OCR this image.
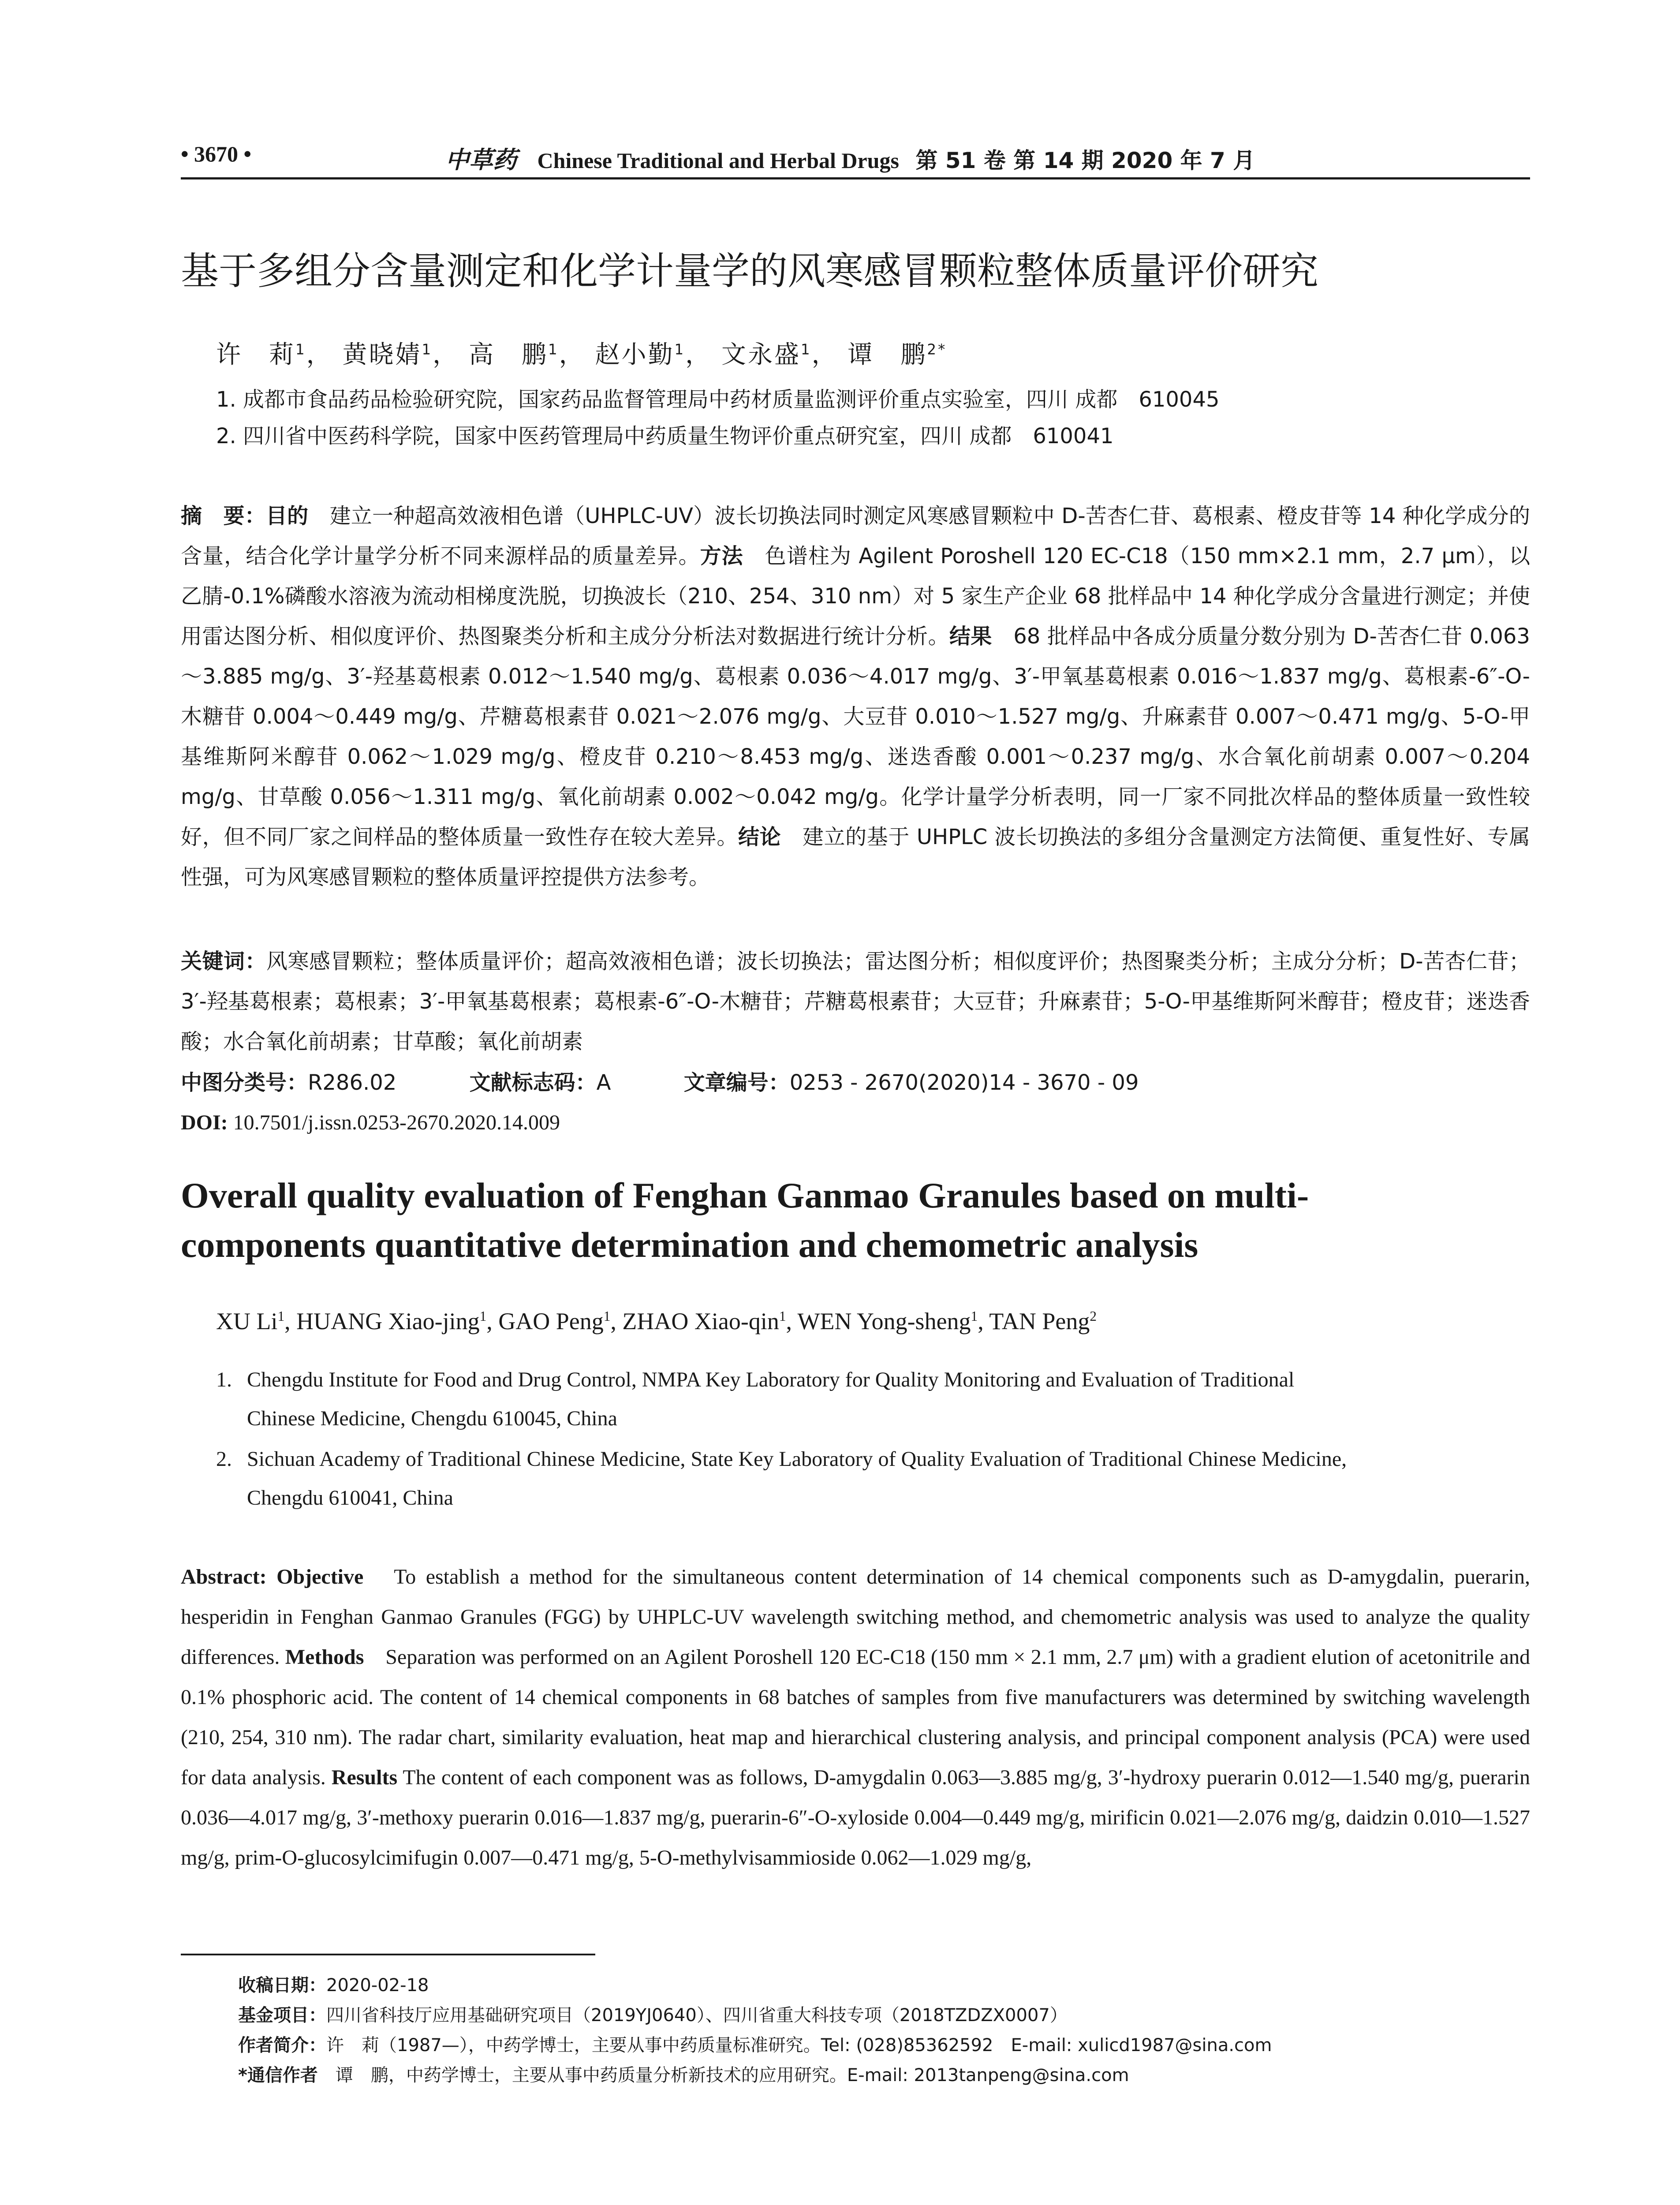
• 3670 •	中草药 Chinese Traditional and Herbal Drugs 第 51 卷 第 14 期 2020 年 7 月
基于多组分含量测定和化学计量学的风寒感冒颗粒整体质量评价研究
许　莉$^1$， 黄晓婧$^1$， 高　鹏$^1$， 赵小勤$^1$， 文永盛$^1$， 谭　鹏$^{2*}$
1. 成都市食品药品检验研究院，国家药品监督管理局中药材质量监测评价重点实验室，四川 成都　610045
2. 四川省中医药科学院，国家中医药管理局中药质量生物评价重点研究室，四川 成都　610041
摘　要：目的　建立一种超高效液相色谱（UHPLC-UV）波长切换法同时测定风寒感冒颗粒中 D-苦杏仁苷、葛根素、橙皮苷等 14 种化学成分的含量，结合化学计量学分析不同来源样品的质量差异。方法　色谱柱为 Agilent Poroshell 120 EC-C18（150 mm×2.1 mm，2.7 μm），以乙腈-0.1%磷酸水溶液为流动相梯度洗脱，切换波长（210、254、310 nm）对 5 家生产企业 68 批样品中 14 种化学成分含量进行测定；并使用雷达图分析、相似度评价、热图聚类分析和主成分分析法对数据进行统计分析。结果　68 批样品中各成分质量分数分别为 D-苦杏仁苷 0.063～3.885 mg/g、3′-羟基葛根素 0.012～1.540 mg/g、葛根素 0.036～4.017 mg/g、3′-甲氧基葛根素 0.016～1.837 mg/g、葛根素-6″-O-木糖苷 0.004～0.449 mg/g、芹糖葛根素苷 0.021～2.076 mg/g、大豆苷 0.010～1.527 mg/g、升麻素苷 0.007～0.471 mg/g、5-O-甲基维斯阿米醇苷 0.062～1.029 mg/g、橙皮苷 0.210～8.453 mg/g、迷迭香酸 0.001～0.237 mg/g、水合氧化前胡素 0.007～0.204 mg/g、甘草酸 0.056～1.311 mg/g、氧化前胡素 0.002～0.042 mg/g。化学计量学分析表明，同一厂家不同批次样品的整体质量一致性较好，但不同厂家之间样品的整体质量一致性存在较大差异。结论　建立的基于 UHPLC 波长切换法的多组分含量测定方法简便、重复性好、专属性强，可为风寒感冒颗粒的整体质量评控提供方法参考。
关键词：风寒感冒颗粒；整体质量评价；超高效液相色谱；波长切换法；雷达图分析；相似度评价；热图聚类分析；主成分分析；D-苦杏仁苷；3′-羟基葛根素；葛根素；3′-甲氧基葛根素；葛根素-6″-O-木糖苷；芹糖葛根素苷；大豆苷；升麻素苷；5-O-甲基维斯阿米醇苷；橙皮苷；迷迭香酸；水合氧化前胡素；甘草酸；氧化前胡素
中图分类号：R286.02	文献标志码：A	文章编号：0253 - 2670(2020)14 - 3670 - 09
DOI: 10.7501/j.issn.0253-2670.2020.14.009
Overall quality evaluation of Fenghan Ganmao Granules based on multi-
components quantitative determination and chemometric analysis
XU Li$^1$, HUANG Xiao-jing$^1$, GAO Peng$^1$, ZHAO Xiao-qin$^1$, WEN Yong-sheng$^1$, TAN Peng$^2$
1. Chengdu Institute for Food and Drug Control, NMPA Key Laboratory for Quality Monitoring and Evaluation of Traditional
Chinese Medicine, Chengdu 610045, China
2. Sichuan Academy of Traditional Chinese Medicine, State Key Laboratory of Quality Evaluation of Traditional Chinese Medicine,
Chengdu 610041, China
Abstract: Objective　To establish a method for the simultaneous content determination of 14 chemical components such as D-amygdalin, puerarin, hesperidin in Fenghan Ganmao Granules (FGG) by UHPLC-UV wavelength switching method, and chemometric analysis was used to analyze the quality differences. Methods　Separation was performed on an Agilent Poroshell 120 EC-C18 (150 mm × 2.1 mm, 2.7 μm) with a gradient elution of acetonitrile and 0.1% phosphoric acid. The content of 14 chemical components in 68 batches of samples from five manufacturers was determined by switching wavelength (210, 254, 310 nm). The radar chart, similarity evaluation, heat map and hierarchical clustering analysis, and principal component analysis (PCA) were used for data analysis. Results The content of each component was as follows, D-amygdalin 0.063—3.885 mg/g, 3′-hydroxy puerarin 0.012—1.540 mg/g, puerarin 0.036—4.017 mg/g, 3′-methoxy puerarin 0.016—1.837 mg/g, puerarin-6″-O-xyloside 0.004—0.449 mg/g, mirificin 0.021—2.076 mg/g, daidzin 0.010—1.527 mg/g, prim-O-glucosylcimifugin 0.007—0.471 mg/g, 5-O-methylvisammioside 0.062—1.029 mg/g,
收稿日期：2020-02-18
基金项目：四川省科技厅应用基础研究项目（2019YJ0640）、四川省重大科技专项（2018TZDZX0007）
作者简介：许　莉（1987—），中药学博士，主要从事中药质量标准研究。Tel: (028)85362592　E-mail: xulicd1987@sina.com
*通信作者　谭　鹏，中药学博士，主要从事中药质量分析新技术的应用研究。E-mail: 2013tanpeng@sina.com
